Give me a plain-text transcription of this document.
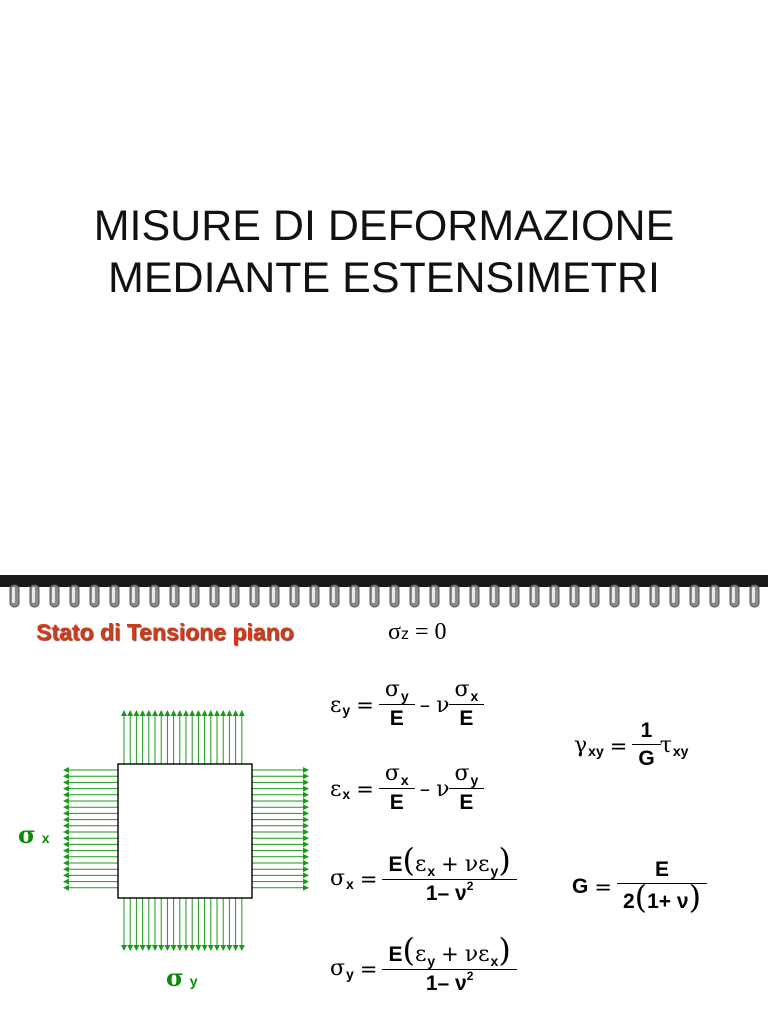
MISURE DI DEFORMAZIONE
MEDIANTE ESTENSIMETRI
Stato di Tensione piano	σz = 0
σx
σy
ε $y = \frac{\sigma_y}{E} - \nu \frac{\sigma_x}{E}$
ε $x = \frac{\sigma_x}{E} - \nu \frac{\sigma_y}{E}$
σ $x = \frac{E(\varepsilon_x + \nu\varepsilon_y)}{1- \nu^2}$
σ $y = \frac{E(\varepsilon_y + \nu\varepsilon_x)}{1- \nu^2}$
γ xy = $\frac{1}{G}$ τ xy
$G = \frac{E}{2(1+ \nu)}$
